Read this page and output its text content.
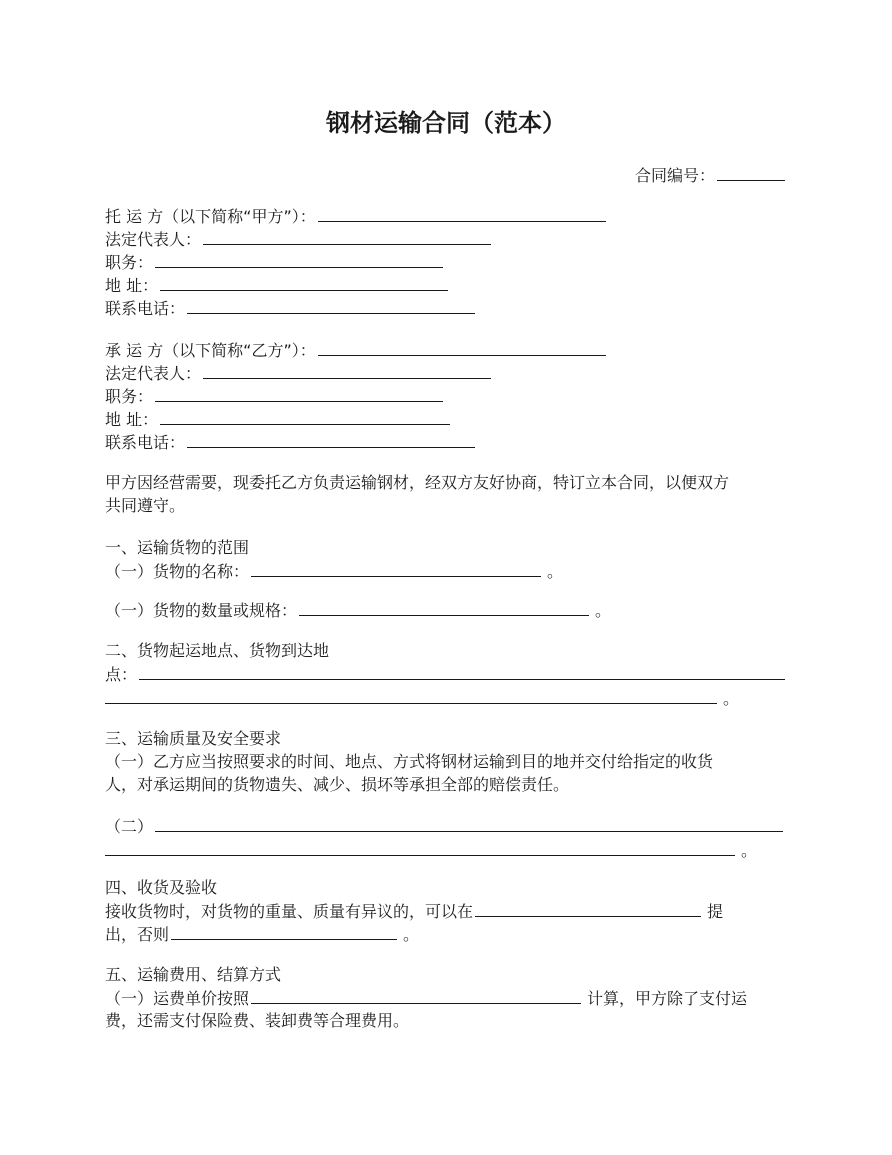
钢材运输合同（范本）
合同编号：
托 运 方（以下简称“甲方”）：
法定代表人：
职务：
地 址：
联系电话：
承 运 方（以下简称“乙方”）：
法定代表人：
职务：
地 址：
联系电话：
甲方因经营需要，现委托乙方负责运输钢材，经双方友好协商，特订立本合同，以便双方
共同遵守。
一、运输货物的范围
（一）货物的名称：	。
（一）货物的数量或规格：	。
二、货物起运地点、货物到达地
点：
。
三、运输质量及安全要求
（一）乙方应当按照要求的时间、地点、方式将钢材运输到目的地并交付给指定的收货
人，对承运期间的货物遗失、减少、损坏等承担全部的赔偿责任。
（二）
。
四、收货及验收
接收货物时，对货物的重量、质量有异议的，可以在	提
出，否则	。
五、运输费用、结算方式
（一）运费单价按照	计算，甲方除了支付运
费，还需支付保险费、装卸费等合理费用。
